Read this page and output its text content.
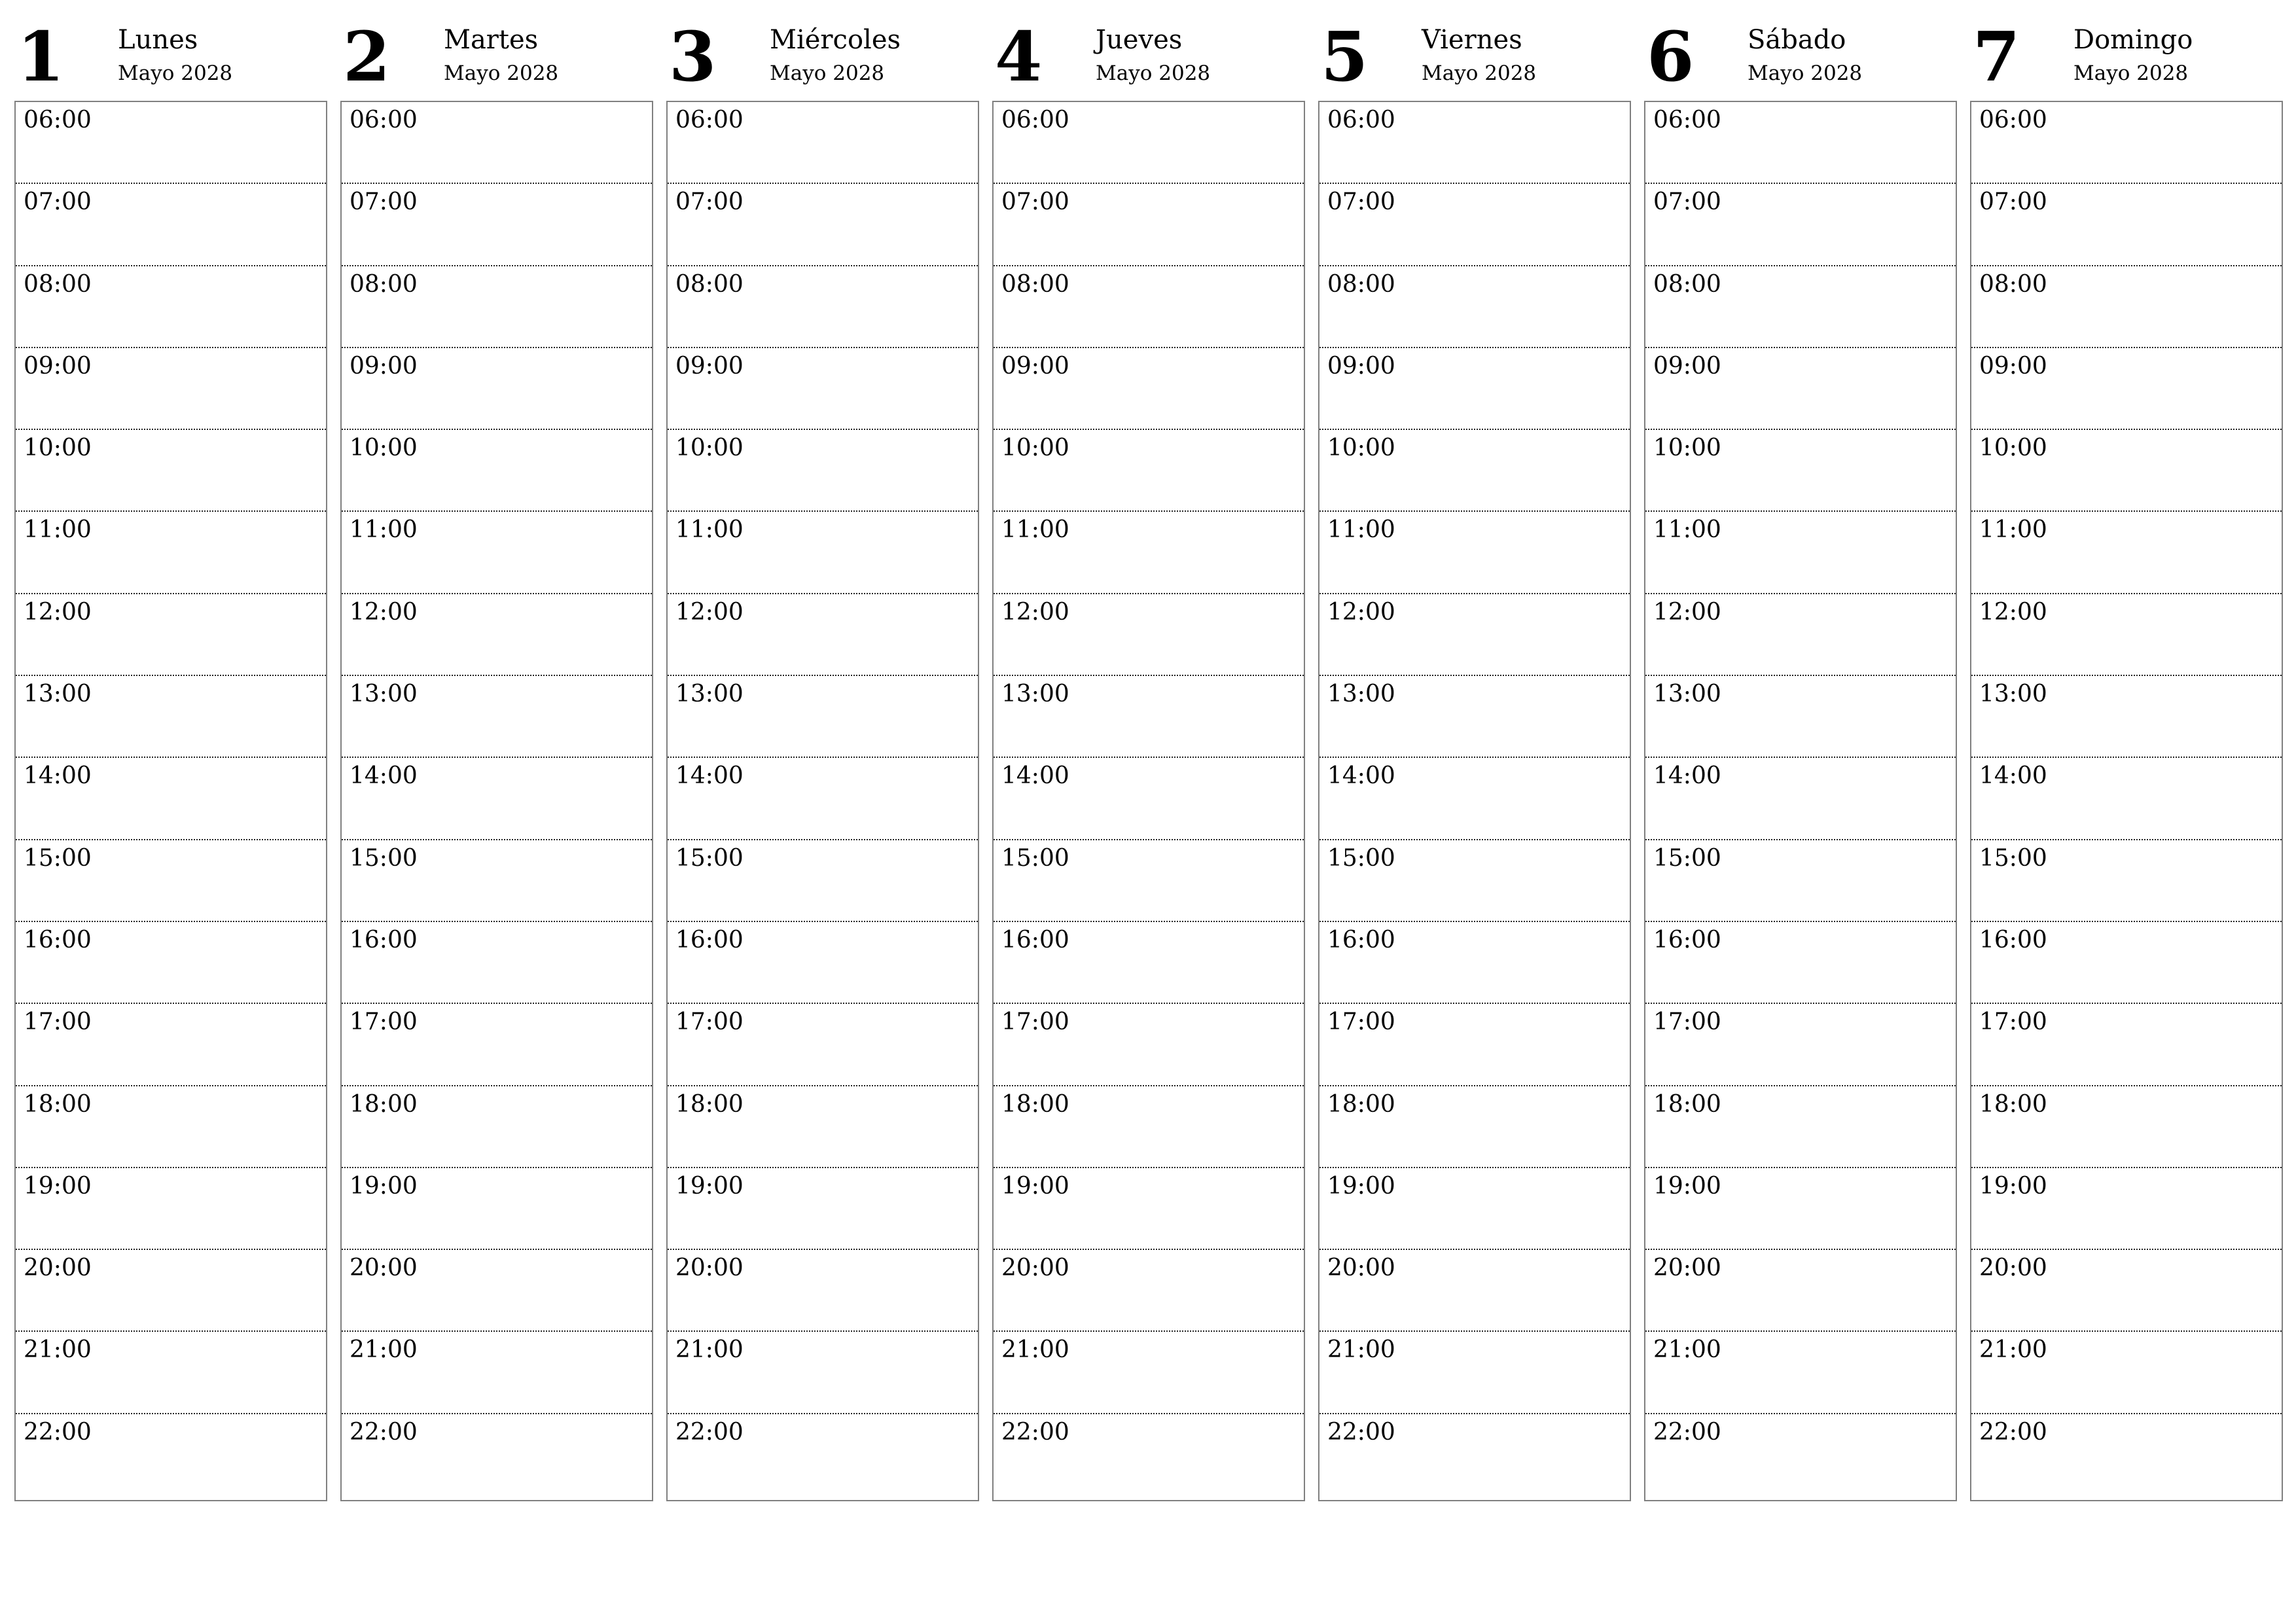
1 Lunes
Mayo 2028
06:00
07:00
08:00
09:00
10:00
11:00
12:00
13:00
14:00
15:00
16:00
17:00
18:00
19:00
20:00
21:00
22:00
2 Martes
Mayo 2028
06:00
07:00
08:00
09:00
10:00
11:00
12:00
13:00
14:00
15:00
16:00
17:00
18:00
19:00
20:00
21:00
22:00
3 Miércoles
Mayo 2028
06:00
07:00
08:00
09:00
10:00
11:00
12:00
13:00
14:00
15:00
16:00
17:00
18:00
19:00
20:00
21:00
22:00
4 Jueves
Mayo 2028
06:00
07:00
08:00
09:00
10:00
11:00
12:00
13:00
14:00
15:00
16:00
17:00
18:00
19:00
20:00
21:00
22:00
5 Viernes
Mayo 2028
06:00
07:00
08:00
09:00
10:00
11:00
12:00
13:00
14:00
15:00
16:00
17:00
18:00
19:00
20:00
21:00
22:00
6 Sábado
Mayo 2028
06:00
07:00
08:00
09:00
10:00
11:00
12:00
13:00
14:00
15:00
16:00
17:00
18:00
19:00
20:00
21:00
22:00
7 Domingo
Mayo 2028
06:00
07:00
08:00
09:00
10:00
11:00
12:00
13:00
14:00
15:00
16:00
17:00
18:00
19:00
20:00
21:00
22:00
